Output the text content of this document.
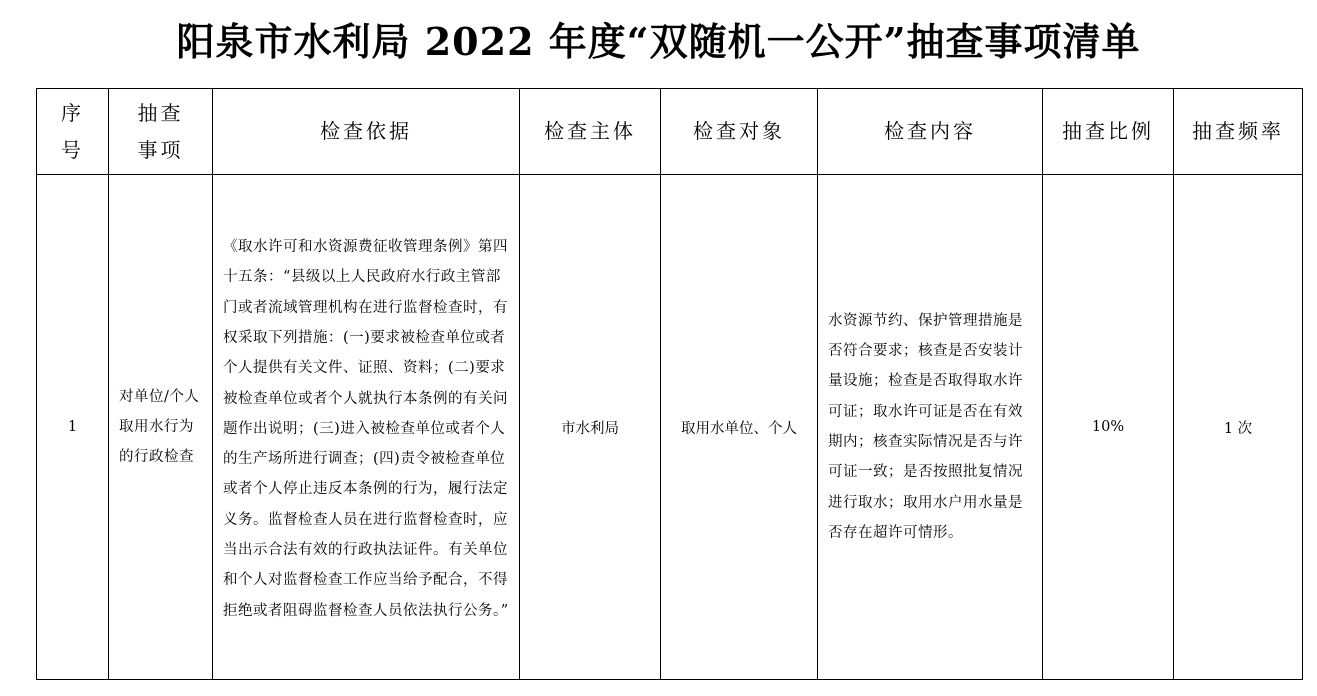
阳泉市水利局 2022 年度“双随机一公开”抽查事项清单
序号	抽查事项	检查依据	检查主体	检查对象	检查内容	抽查比例	抽查频率
1	对单位/个人取用水行为的行政检查	《取水许可和水资源费征收管理条例》第四十五条：“县级以上人民政府水行政主管部门或者流域管理机构在进行监督检查时，有权采取下列措施：(一)要求被检查单位或者个人提供有关文件、证照、资料；(二)要求被检查单位或者个人就执行本条例的有关问题作出说明；(三)进入被检查单位或者个人的生产场所进行调查；(四)责令被检查单位或者个人停止违反本条例的行为，履行法定义务。监督检查人员在进行监督检查时，应当出示合法有效的行政执法证件。有关单位和个人对监督检查工作应当给予配合，不得拒绝或者阻碍监督检查人员依法执行公务。”	市水利局	取用水单位、个人	水资源节约、保护管理措施是否符合要求；核查是否安装计量设施；检查是否取得取水许可证；取水许可证是否在有效期内；核查实际情况是否与许可证一致；是否按照批复情况进行取水；取用水户用水量是否存在超许可情形。	10%	1 次
